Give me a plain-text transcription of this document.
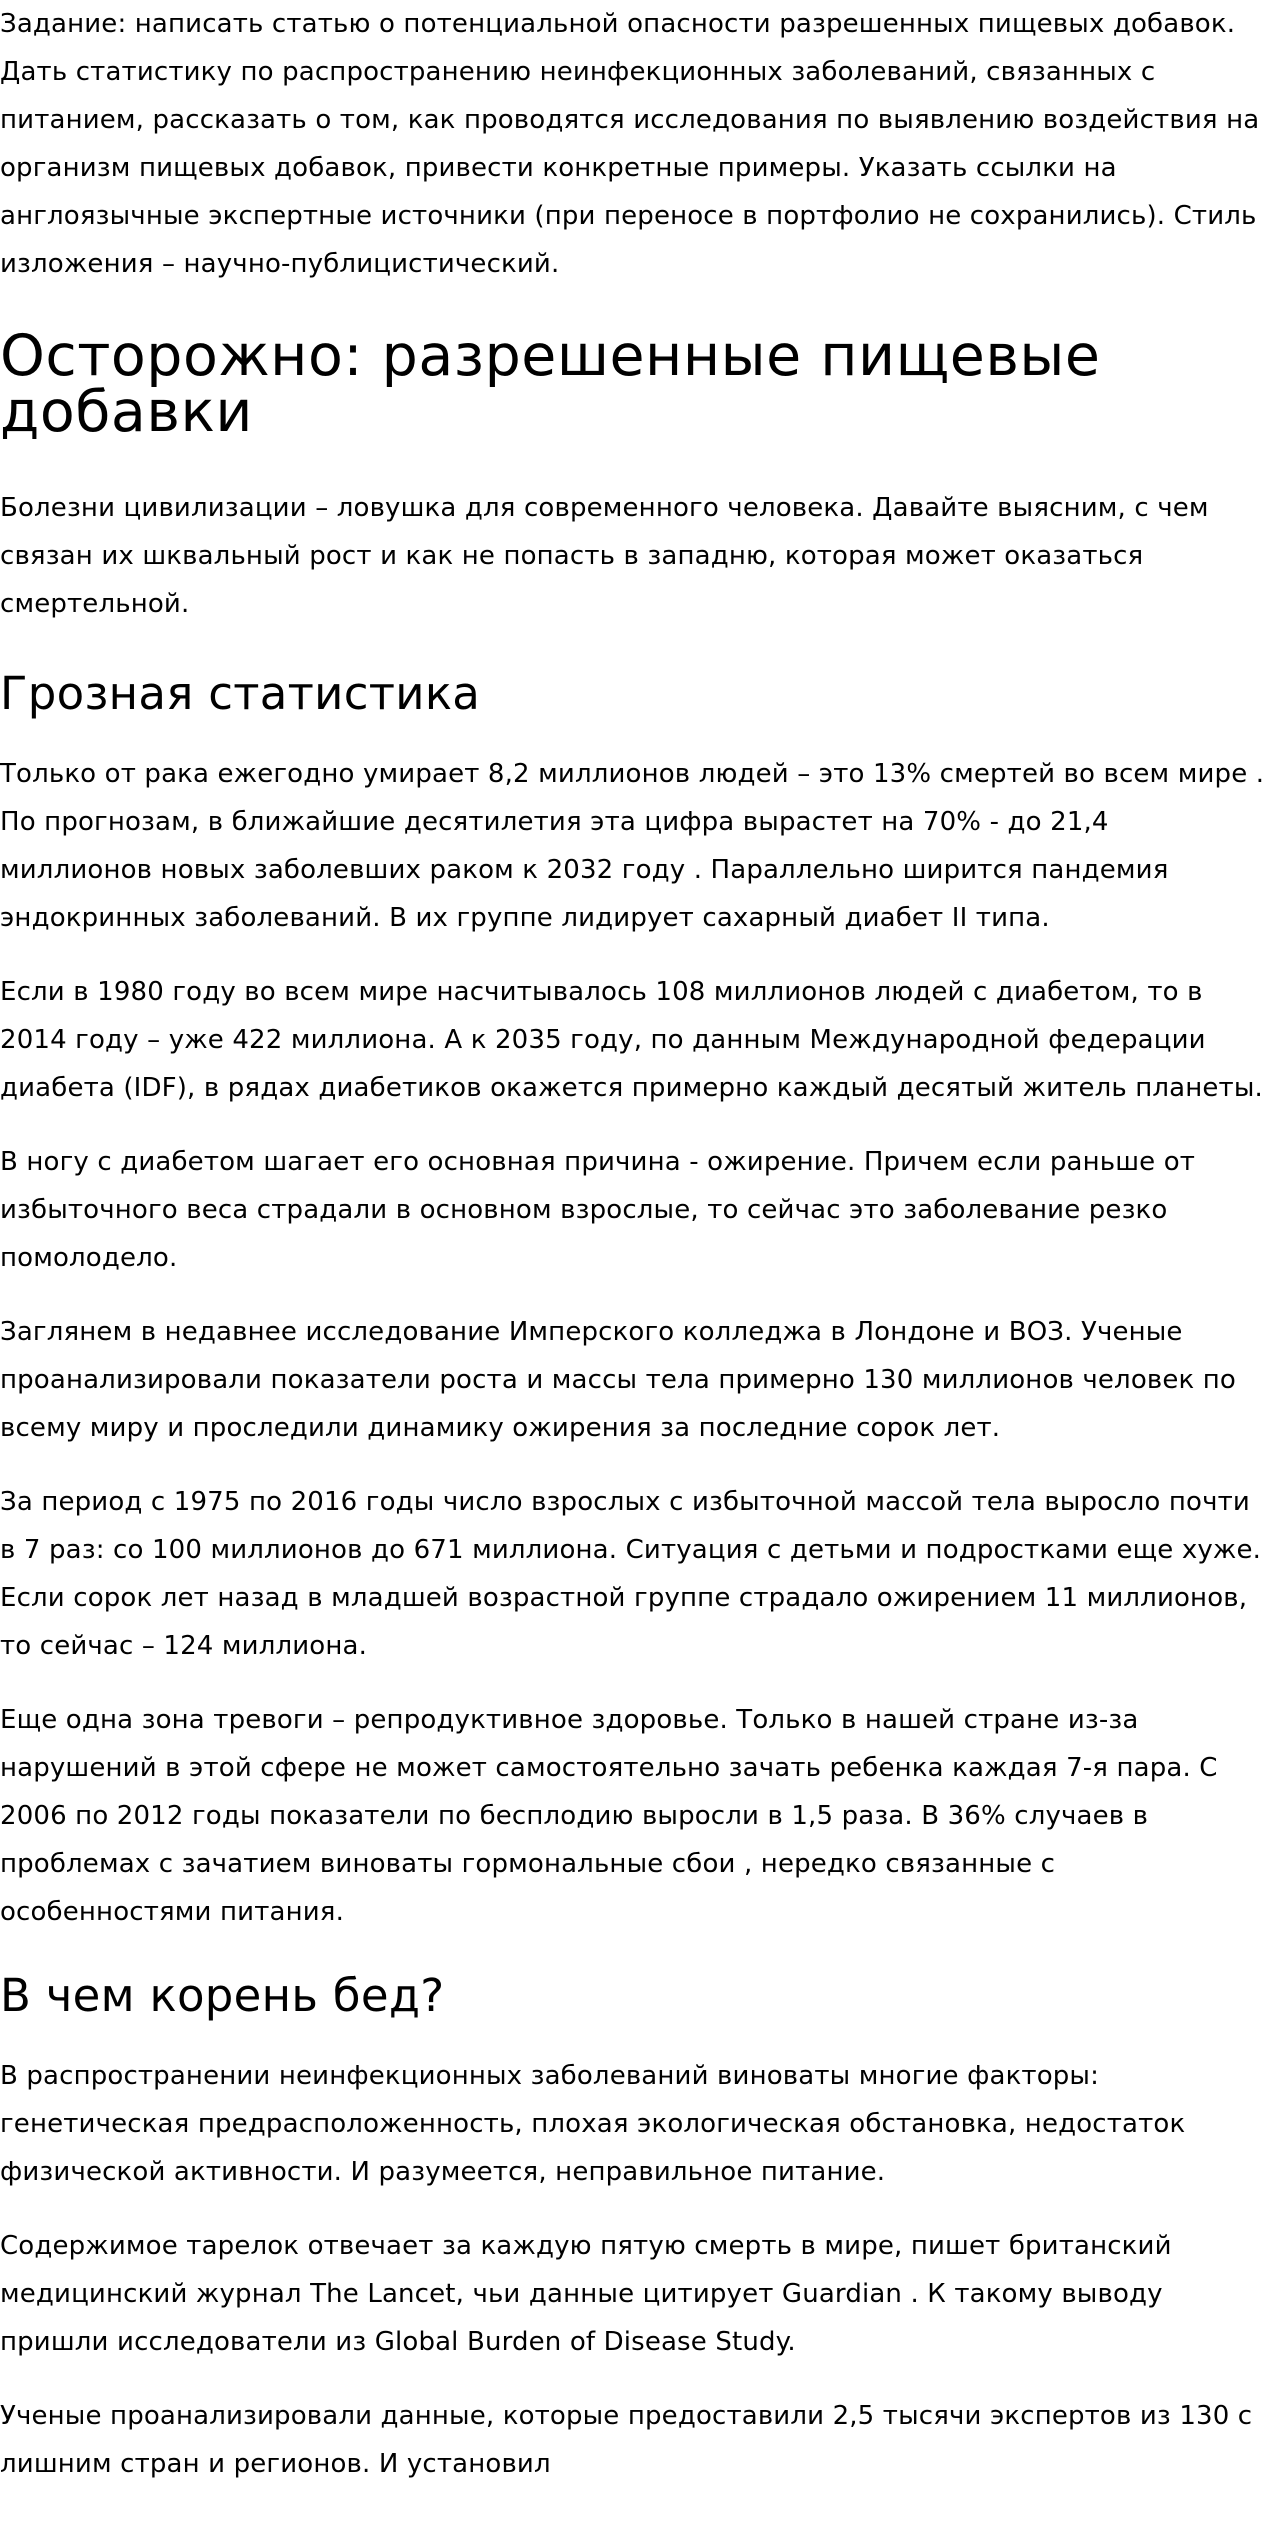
Задание: написать статью о потенциальной опасности разрешенных пищевых добавок. Дать статистику по распространению неинфекционных заболеваний, связанных с питанием, рассказать о том, как проводятся исследования по выявлению воздействия на организм пищевых добавок, привести конкретные примеры. Указать ссылки на англоязычные экспертные источники (при переносе в портфолио не сохранились). Стиль изложения – научно-публицистический.

Осторожно: разрешенные пищевые добавки

Болезни цивилизации – ловушка для современного человека. Давайте выясним, с чем связан их шквальный рост и как не попасть в западню, которая может оказаться смертельной.

Грозная статистика

Только от рака ежегодно умирает 8,2 миллионов людей – это 13% смертей во всем мире . По прогнозам, в ближайшие десятилетия эта цифра вырастет на 70% - до 21,4 миллионов новых заболевших раком к 2032 году . Параллельно ширится пандемия эндокринных заболеваний. В их группе лидирует сахарный диабет II типа.

Если в 1980 году во всем мире насчитывалось 108 миллионов людей с диабетом, то в 2014 году – уже 422 миллиона. А к 2035 году, по данным Международной федерации диабета (IDF), в рядах диабетиков окажется примерно каждый десятый житель планеты.

В ногу с диабетом шагает его основная причина - ожирение. Причем если раньше от избыточного веса страдали в основном взрослые, то сейчас это заболевание резко помолодело.

Заглянем в недавнее исследование Имперского колледжа в Лондоне и ВОЗ. Ученые проанализировали показатели роста и массы тела примерно 130 миллионов человек по всему миру и проследили динамику ожирения за последние сорок лет.

За период с 1975 по 2016 годы число взрослых с избыточной массой тела выросло почти в 7 раз: со 100 миллионов до 671 миллиона. Ситуация с детьми и подростками еще хуже. Если сорок лет назад в младшей возрастной группе страдало ожирением 11 миллионов, то сейчас – 124 миллиона.

Еще одна зона тревоги – репродуктивное здоровье. Только в нашей стране из-за нарушений в этой сфере не может самостоятельно зачать ребенка каждая 7-я пара. С 2006 по 2012 годы показатели по бесплодию выросли в 1,5 раза. В 36% случаев в проблемах с зачатием виноваты гормональные сбои , нередко связанные с особенностями питания.

В чем корень бед?

В распространении неинфекционных заболеваний виноваты многие факторы: генетическая предрасположенность, плохая экологическая обстановка, недостаток физической активности. И разумеется, неправильное питание.

Содержимое тарелок отвечает за каждую пятую смерть в мире, пишет британский медицинский журнал The Lancet, чьи данные цитирует Guardian . К такому выводу пришли исследователи из Global Burden of Disease Study.

Ученые проанализировали данные, которые предоставили 2,5 тысячи экспертов из 130 с лишним стран и регионов. И установил
